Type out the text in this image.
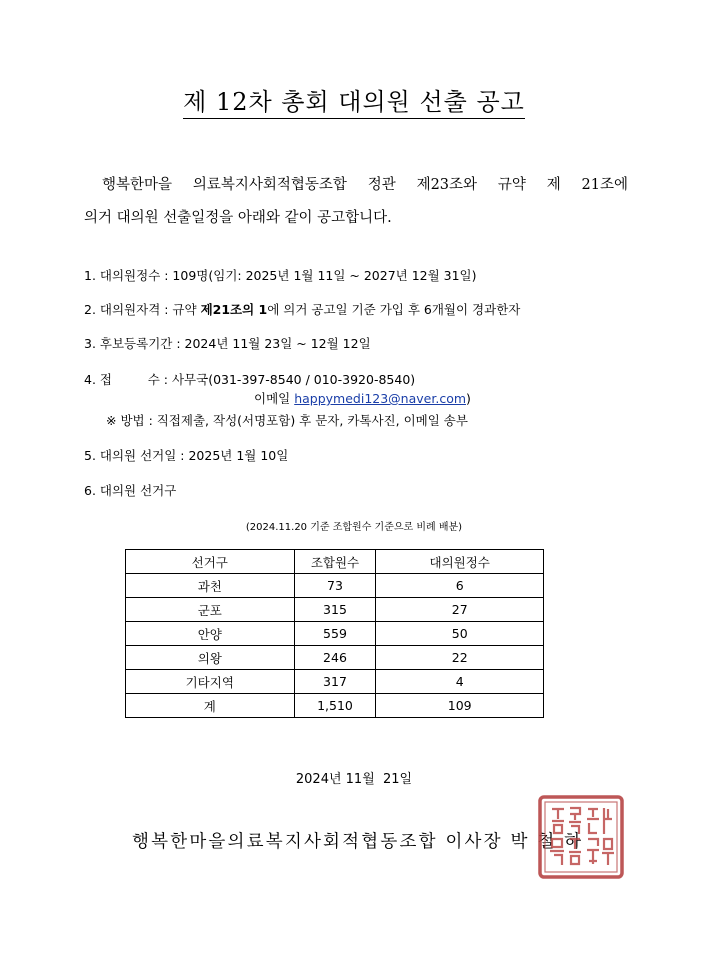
제 12차 총회 대의원 선출 공고
행복한마을 의료복지사회적협동조합 정관 제23조와 규약 제 21조에
의거 대의원 선출일정을 아래와 같이 공고합니다.
1. 대의원정수 : 109명(임기: 2025년 1월 11일 ~ 2027년 12월 31일)
2. 대의원자격 : 규약 제21조의 1에 의거 공고일 기준 가입 후 6개월이 경과한자
3. 후보등록기간 : 2024년 11월 23일 ~ 12월 12일
4. 접         수 : 사무국(031-397-8540 / 010-3920-8540)
이메일 happymedi123@naver.com)
※ 방법 : 직접제출, 작성(서명포함) 후 문자, 카톡사진, 이메일 송부
5. 대의원 선거일 : 2025년 1월 10일
6. 대의원 선거구
(2024.11.20 기준 조합원수 기준으로 비례 배분)
선거구	조합원수	대의원정수
과천	73	6
군포	315	27
안양	559	50
의왕	246	22
기타지역	317	4
계	1,510	109
2024년 11월  21일
행복한마을의료복지사회적협동조합 이사장 박 철 하
